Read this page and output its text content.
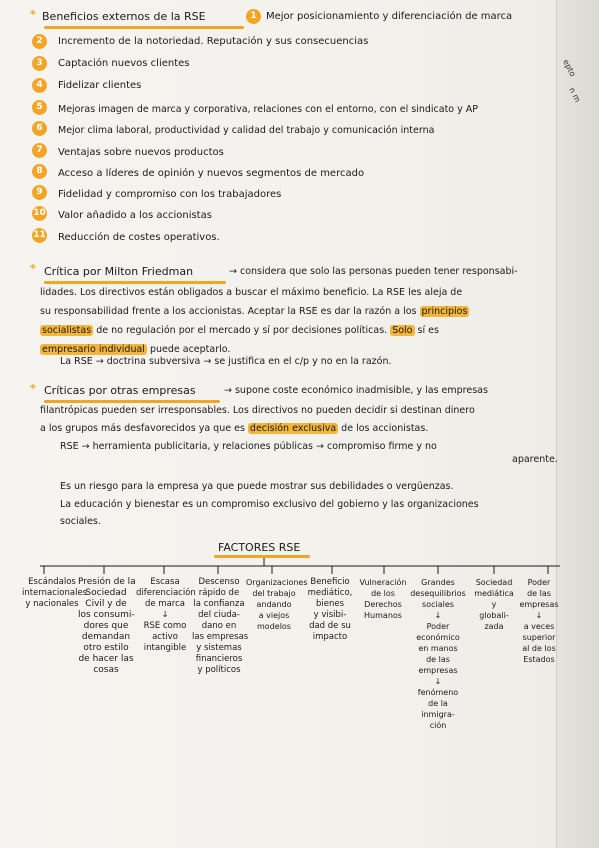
epto
n m
* Beneficios externos de la RSE	1 Mejor posicionamiento y diferenciación de marca
2	Incremento de la notoriedad. Reputación y sus consecuencias
3	Captación nuevos clientes
4	Fidelizar clientes
5	Mejoras imagen de marca y corporativa, relaciones con el entorno, con el sindicato y AP
6	Mejor clima laboral, productividad y calidad del trabajo y comunicación interna
7	Ventajas sobre nuevos productos
8	Acceso a líderes de opinión y nuevos segmentos de mercado
9	Fidelidad y compromiso con los trabajadores
10 Valor añadido a los accionistas
11 Reducción de costes operativos.
* Crítica por Milton Friedman	→ considera que solo las personas pueden tener responsabi-
lidades. Los directivos están obligados a buscar el máximo beneficio. La RSE les aleja de
su responsabilidad frente a los accionistas. Aceptar la RSE es dar la razón a los principios
socialistas de no regulación por el mercado y sí por decisiones políticas. Solo sí es
empresario individual puede aceptarlo.
La RSE → doctrina subversiva → se justifica en el c/p y no en la razón.
* Críticas por otras empresas	→ supone coste económico inadmisible, y las empresas
filantrópicas pueden ser irresponsables. Los directivos no pueden decidir si destinan dinero
a los grupos más desfavorecidos ya que es decisión exclusiva de los accionistas.
RSE → herramienta publicitaria, y relaciones públicas → compromiso firme y no
aparente.
Es un riesgo para la empresa ya que puede mostrar sus debilidades o vergüenzas.
La educación y bienestar es un compromiso exclusivo del gobierno y las organizaciones
sociales.
FACTORES RSE
Escándalos
internacionales
y nacionales
Presión de la
Sociedad
Civil y de
los consumi-
dores que
demandan
otro estilo
de hacer las
cosas
Escasa
diferenciación
de marca
↓
RSE como
activo
intangible
Descenso
rápido de
la confianza
del ciuda-
dano en
las empresas
y sistemas
financieros
y políticos
Organizaciones
del trabajo
andando
a viejos
modelos
Beneficio
mediático,
bienes
y visibi-
dad de su
impacto
Vulneración
de los
Derechos
Humanos
Grandes
desequilibrios
sociales
↓
Poder
económico
en manos
de las
empresas
↓
fenómeno
de la
inmigra-
ción
Sociedad
mediática
y
globali-
zada
Poder
de las
empresas
↓
a veces
superior
al de los
Estados
